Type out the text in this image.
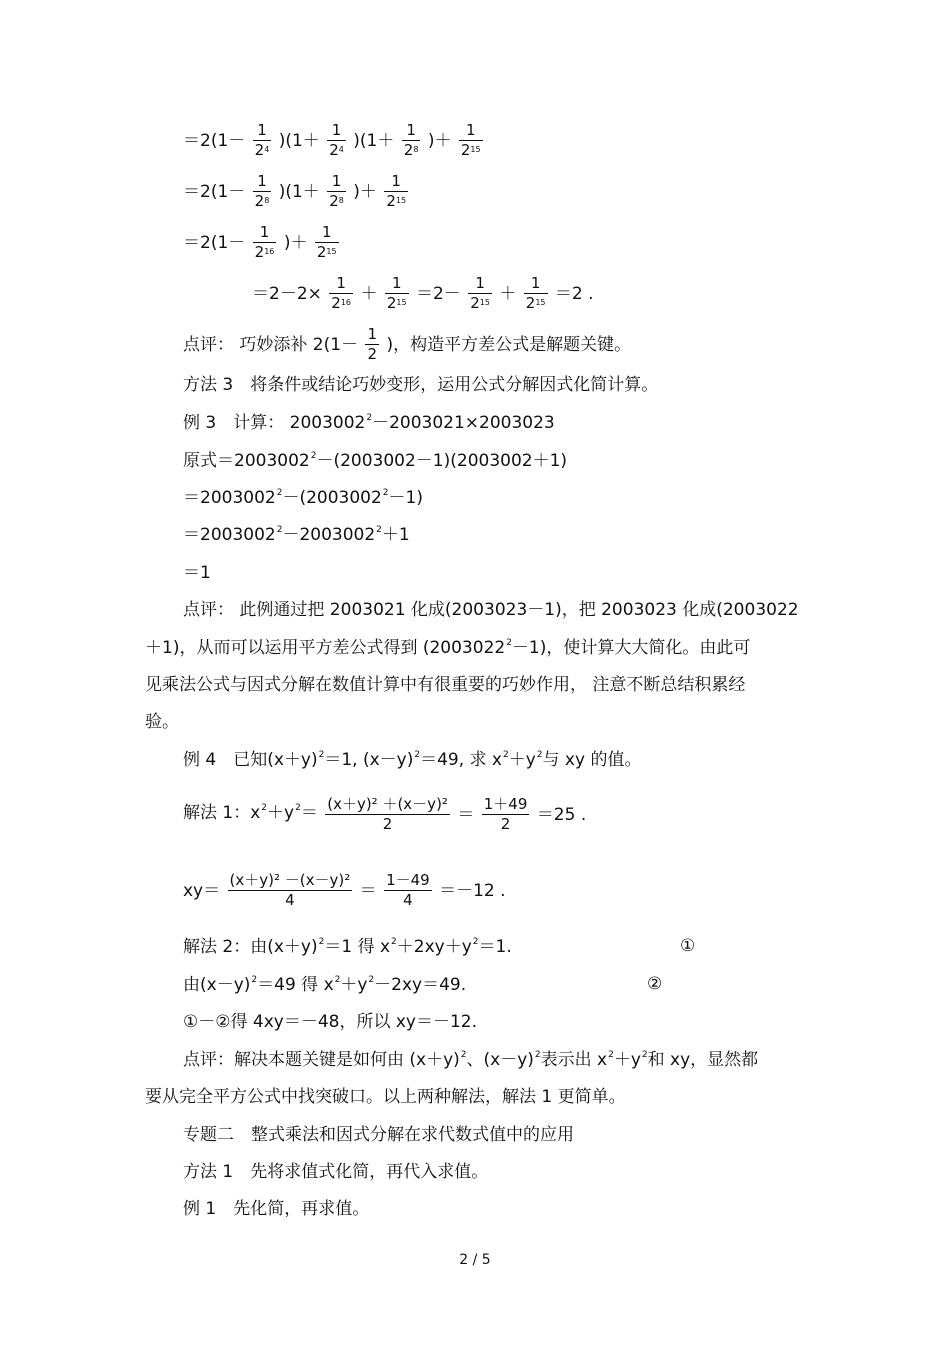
$=2(1- \frac{1}{2^4} )(1+ \frac{1}{2^4} )(1+ \frac{1}{2^8}$ )＋ $\frac{1}{2^{15}}$
$=2(1- \frac{1}{2^8} )(1+ \frac{1}{2^8}$ )＋ $\frac{1}{2^{15}}$
$=2(1- \frac{1}{2^{16}}$ )＋ $\frac{1}{2^{15}}$
$=2-2\times \frac{1}{2^{16}} + \frac{1}{2^{15}} =2- \frac{1}{2^{15}} + \frac{1}{2^{15}} =2$ .
点评： 巧妙添补 $2(1- \frac{1}{2}$ )，构造平方差公式是解题关键。
方法 3　将条件或结论巧妙变形，运用公式分解因式化简计算。
例 3　计算： $2003002^2-2003021\times 2003023$
原式$=2003002^2-(2003002-1)(2003002+1)$
$=2003002^2-(2003002^2-1)$
$=2003002^2-2003002^2+1$
＝1
点评： 此例通过把 2003021 化成(2003023－1)，把 2003023 化成(2003022
＋1)，从而可以运用平方差公式得到 $(2003022^2-1)$，使计算大大简化。由此可
见乘法公式与因式分解在数值计算中有很重要的巧妙作用， 注意不断总结积累经
验。
例 4　已知$(x+y)^2=1$, $(x-y)^2=49$, 求 $x^2+y^2$与 xy 的值。
解法 1：$x^2+y^2= \frac{\text{(x＋y)² ＋(x－y)²}}{2} = \frac{1+49}{2} =25$ .
$xy= \frac{\text{(x＋y)² －(x－y)²}}{4} = \frac{1-49}{4} =-12$ .
解法 2：由$(x+y)^2=1$ 得 $x^2+2xy+y^2=1$.	①
由$(x-y)^2=49$ 得 $x^2+y^2-2xy=49$.	②
①－②得 4xy＝－48，所以 xy＝－12.
点评：解决本题关键是如何由 $(x+y)^2$、$(x-y)^2$表示出 $x^2+y^2$和 xy，显然都
要从完全平方公式中找突破口。以上两种解法，解法 1 更简单。
专题二　整式乘法和因式分解在求代数式值中的应用
方法 1　先将求值式化简，再代入求值。
例 1　先化简，再求值。
2 / 5
